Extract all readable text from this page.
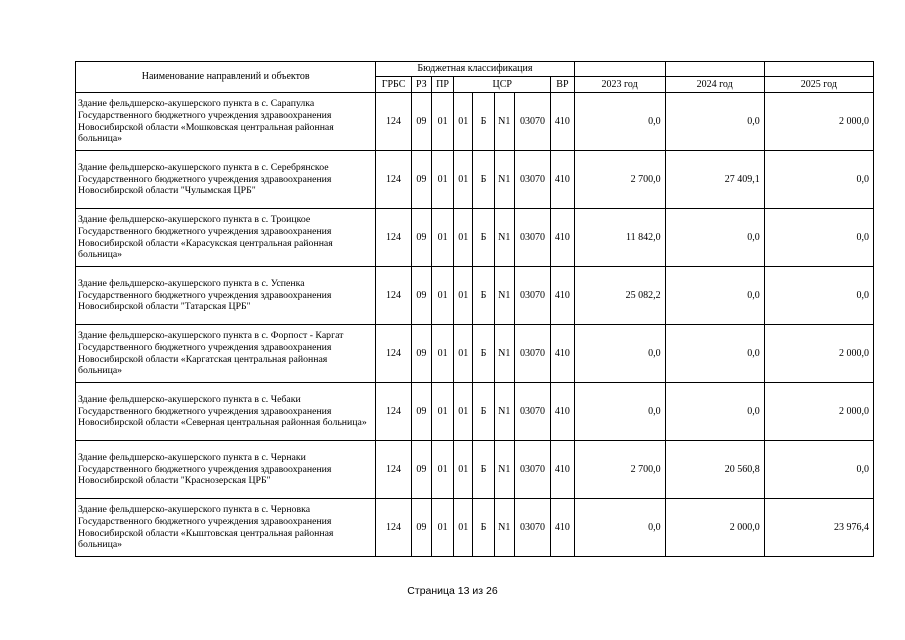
Наименование направлений и объектов	Бюджетная классификация										
	ГРБС	РЗ	ПР	ЦСР				ВР	2023 год	2024 год	2025 год
Здание фельдшерско-акушерского пункта в с. Сарапулка Государственного бюджетного учреждения здравоохранения Новосибирской области «Мошковская центральная районная больница»	124	09	01	01	Б	N1	03070	410	0,0	0,0	2 000,0
Здание фельдшерско-акушерского пункта в с. Серебрянское Государственного бюджетного учреждения здравоохранения Новосибирской области "Чулымская ЦРБ"	124	09	01	01	Б	N1	03070	410	2 700,0	27 409,1	0,0
Здание фельдшерско-акушерского пункта в с. Троицкое Государственного бюджетного учреждения здравоохранения Новосибирской области «Карасукская центральная районная больница»	124	09	01	01	Б	N1	03070	410	11 842,0	0,0	0,0
Здание фельдшерско-акушерского пункта в с. Успенка Государственного бюджетного учреждения здравоохранения Новосибирской области "Татарская ЦРБ"	124	09	01	01	Б	N1	03070	410	25 082,2	0,0	0,0
Здание фельдшерско-акушерского пункта в с. Форпост - Каргат Государственного бюджетного учреждения здравоохранения Новосибирской области «Каргатская центральная районная больница»	124	09	01	01	Б	N1	03070	410	0,0	0,0	2 000,0
Здание фельдшерско-акушерского пункта в с. Чебаки Государственного бюджетного учреждения здравоохранения Новосибирской области «Северная центральная районная больница»	124	09	01	01	Б	N1	03070	410	0,0	0,0	2 000,0
Здание фельдшерско-акушерского пункта в с. Чернаки Государственного бюджетного учреждения здравоохранения Новосибирской области "Краснозерская ЦРБ"	124	09	01	01	Б	N1	03070	410	2 700,0	20 560,8	0,0
Здание фельдшерско-акушерского пункта в с. Черновка Государственного бюджетного учреждения здравоохранения Новосибирской области «Кыштовская центральная районная больница»	124	09	01	01	Б	N1	03070	410	0,0	2 000,0	23 976,4
Страница 13 из 26
